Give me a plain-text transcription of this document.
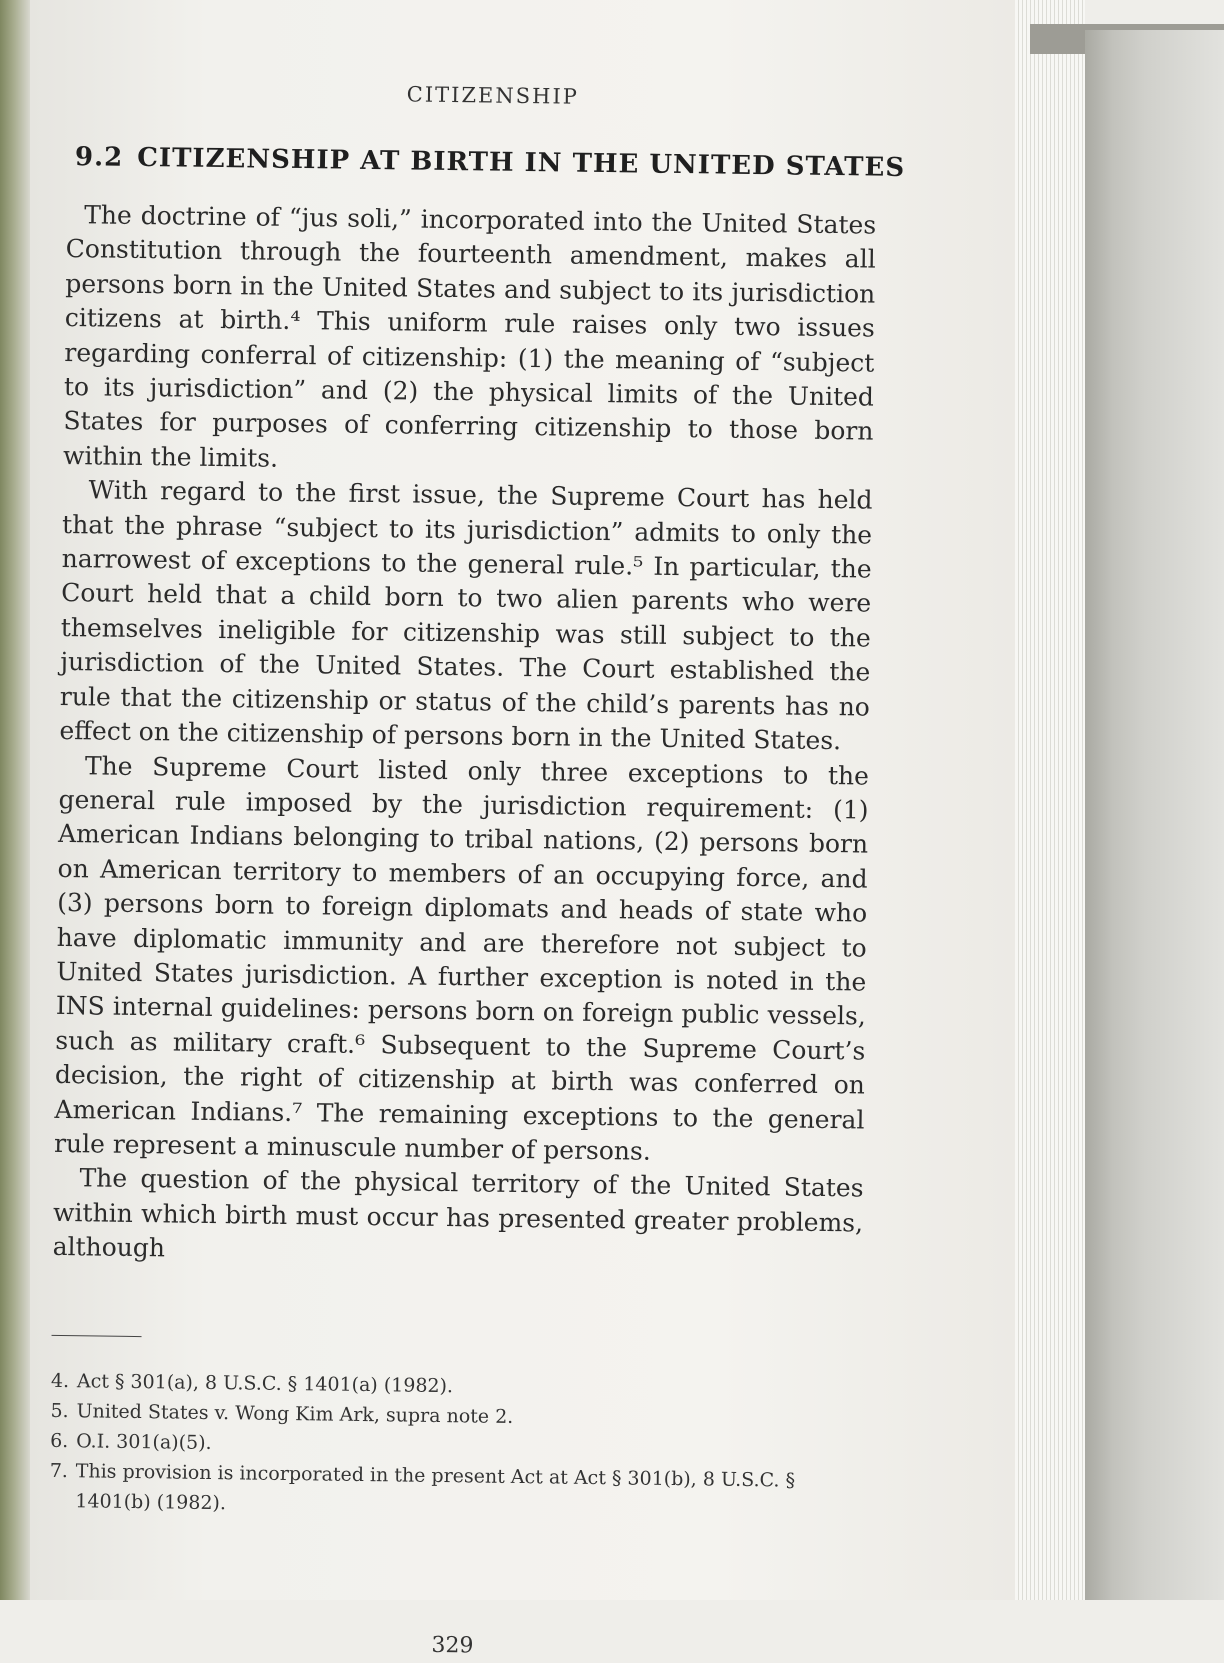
CITIZENSHIP
9.2 CITIZENSHIP AT BIRTH IN THE UNITED STATES

The doctrine of “jus soli,” incorporated into the United States Constitution through the fourteenth amendment, makes all persons born in the United States and subject to its jurisdiction citizens at birth.⁴ This uniform rule raises only two issues regarding conferral of citizenship: (1) the meaning of “subject to its jurisdiction” and (2) the physical limits of the United States for purposes of conferring citizenship to those born within the limits.

With regard to the first issue, the Supreme Court has held that the phrase “subject to its jurisdiction” admits to only the narrowest of exceptions to the general rule.⁵ In particular, the Court held that a child born to two alien parents who were themselves ineligible for citizenship was still subject to the jurisdiction of the United States. The Court established the rule that the citizenship or status of the child’s parents has no effect on the citizenship of persons born in the United States.

The Supreme Court listed only three exceptions to the general rule imposed by the jurisdiction requirement: (1) American Indians belonging to tribal nations, (2) persons born on American territory to members of an occupying force, and (3) persons born to foreign diplomats and heads of state who have diplomatic immunity and are therefore not subject to United States jurisdiction. A further exception is noted in the INS internal guidelines: persons born on foreign public vessels, such as military craft.⁶ Subsequent to the Supreme Court’s decision, the right of citizenship at birth was conferred on American Indians.⁷ The remaining exceptions to the general rule represent a minuscule number of persons.

The question of the physical territory of the United States within which birth must occur has presented greater problems, although

4. Act § 301(a), 8 U.S.C. § 1401(a) (1982).

5. United States v. Wong Kim Ark, supra note 2.

6. O.I. 301(a)(5).

7. This provision is incorporated in the present Act at Act § 301(b), 8 U.S.C. § 1401(b) (1982).

329
